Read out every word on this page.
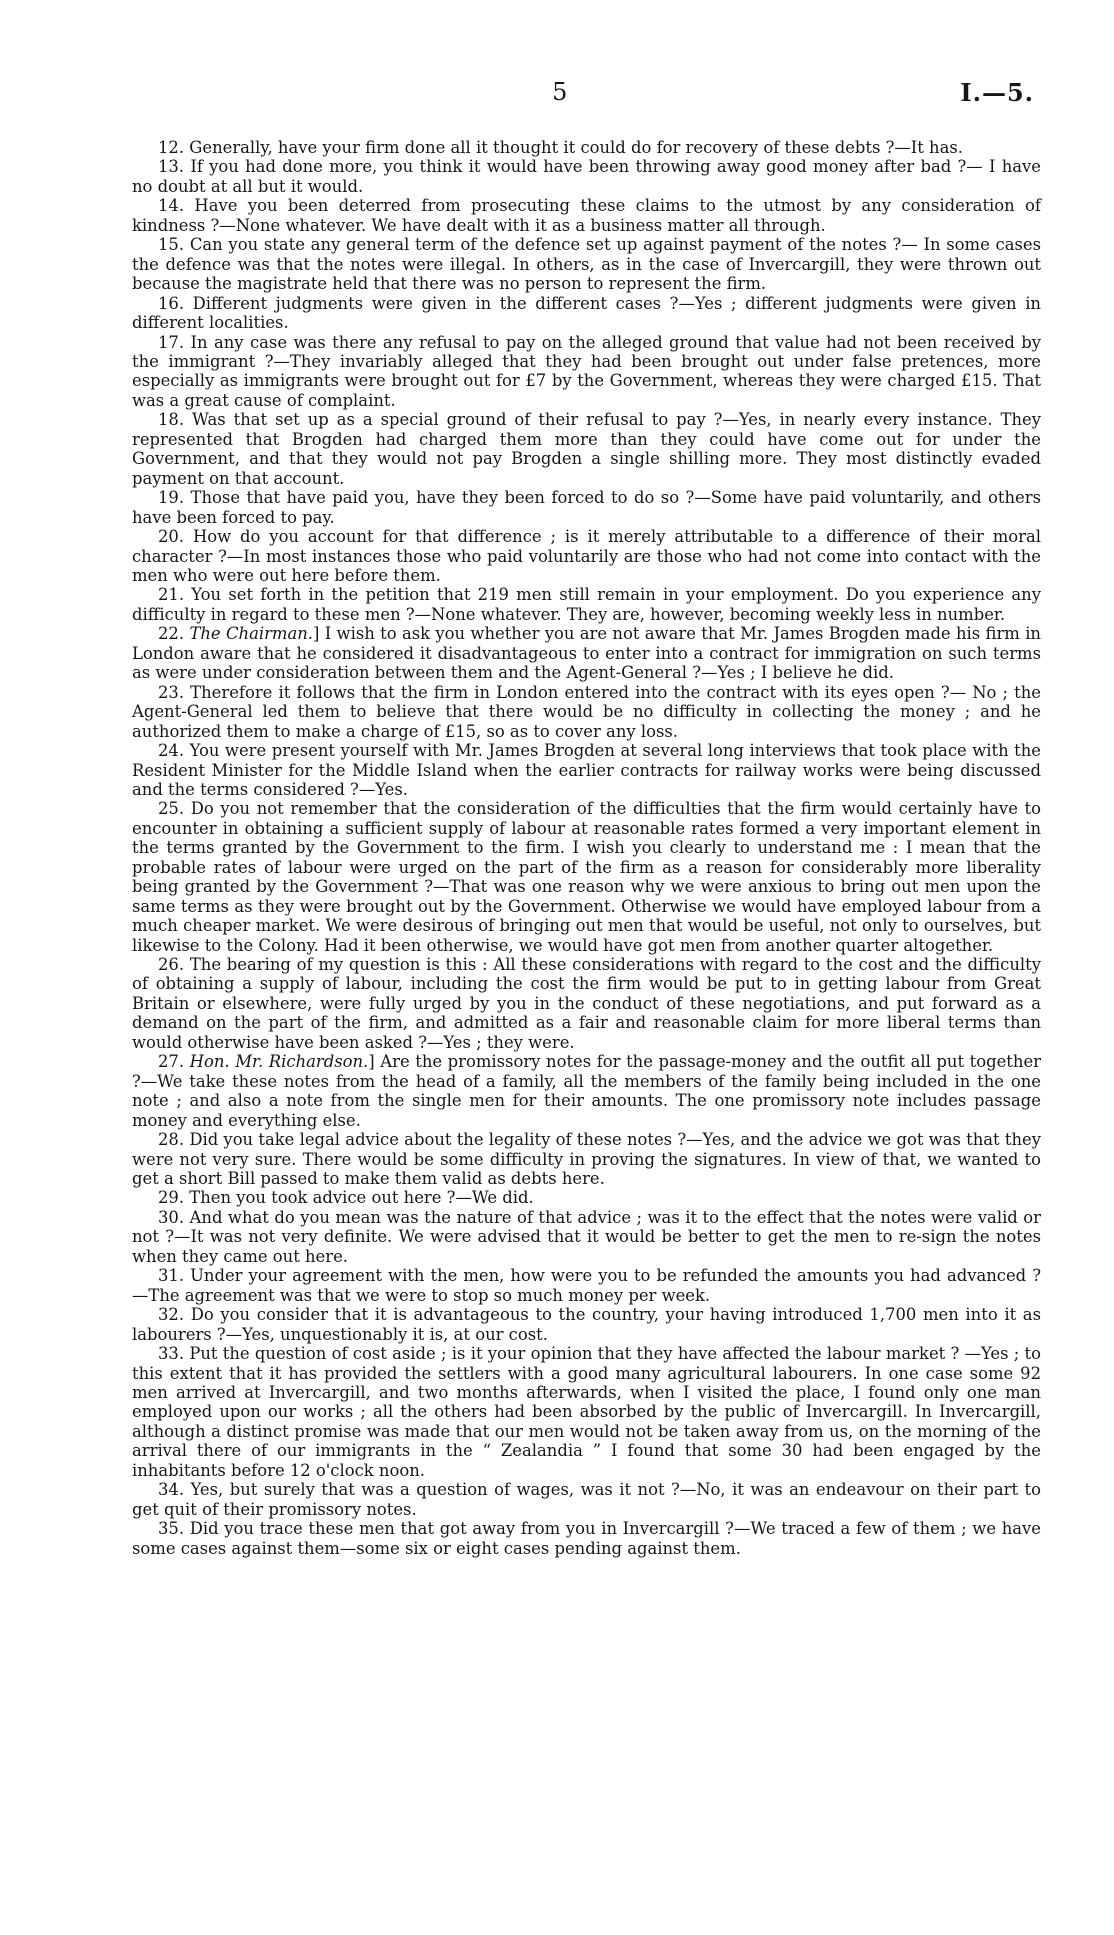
5	I.—5.

12. Generally, have your firm done all it thought it could do for recovery of these debts ?—It has.

13. If you had done more, you think it would have been throwing away good money after bad ?— I have no doubt at all but it would.

14. Have you been deterred from prosecuting these claims to the utmost by any consideration of kindness ?—None whatever. We have dealt with it as a business matter all through.

15. Can you state any general term of the defence set up against payment of the notes ?— In some cases the defence was that the notes were illegal. In others, as in the case of Invercargill, they were thrown out because the magistrate held that there was no person to represent the firm.

16. Different judgments were given in the different cases ?—Yes ; different judgments were given in different localities.

17. In any case was there any refusal to pay on the alleged ground that value had not been received by the immigrant ?—They invariably alleged that they had been brought out under false pretences, more especially as immigrants were brought out for £7 by the Government, whereas they were charged £15. That was a great cause of complaint.

18. Was that set up as a special ground of their refusal to pay ?—Yes, in nearly every instance. They represented that Brogden had charged them more than they could have come out for under the Government, and that they would not pay Brogden a single shilling more. They most distinctly evaded payment on that account.

19. Those that have paid you, have they been forced to do so ?—Some have paid voluntarily, and others have been forced to pay.

20. How do you account for that difference ; is it merely attributable to a difference of their moral character ?—In most instances those who paid voluntarily are those who had not come into contact with the men who were out here before them.

21. You set forth in the petition that 219 men still remain in your employment. Do you experience any difficulty in regard to these men ?—None whatever. They are, however, becoming weekly less in number.

22. The Chairman.] I wish to ask you whether you are not aware that Mr. James Brogden made his firm in London aware that he considered it disadvantageous to enter into a contract for immigration on such terms as were under consideration between them and the Agent-General ?—Yes ; I believe he did.

23. Therefore it follows that the firm in London entered into the contract with its eyes open ?— No ; the Agent-General led them to believe that there would be no difficulty in collecting the money ; and he authorized them to make a charge of £15, so as to cover any loss.

24. You were present yourself with Mr. James Brogden at several long interviews that took place with the Resident Minister for the Middle Island when the earlier contracts for railway works were being discussed and the terms considered ?—Yes.

25. Do you not remember that the consideration of the difficulties that the firm would certainly have to encounter in obtaining a sufficient supply of labour at reasonable rates formed a very important element in the terms granted by the Government to the firm. I wish you clearly to understand me : I mean that the probable rates of labour were urged on the part of the firm as a reason for considerably more liberality being granted by the Government ?—That was one reason why we were anxious to bring out men upon the same terms as they were brought out by the Government. Otherwise we would have employed labour from a much cheaper market. We were desirous of bringing out men that would be useful, not only to ourselves, but likewise to the Colony. Had it been otherwise, we would have got men from another quarter altogether.

26. The bearing of my question is this : All these considerations with regard to the cost and the difficulty of obtaining a supply of labour, including the cost the firm would be put to in getting labour from Great Britain or elsewhere, were fully urged by you in the conduct of these negotiations, and put forward as a demand on the part of the firm, and admitted as a fair and reasonable claim for more liberal terms than would otherwise have been asked ?—Yes ; they were.

27. Hon. Mr. Richardson.] Are the promissory notes for the passage-money and the outfit all put together ?—We take these notes from the head of a family, all the members of the family being included in the one note ; and also a note from the single men for their amounts. The one promissory note includes passage money and everything else.

28. Did you take legal advice about the legality of these notes ?—Yes, and the advice we got was that they were not very sure. There would be some difficulty in proving the signatures. In view of that, we wanted to get a short Bill passed to make them valid as debts here.

29. Then you took advice out here ?—We did.

30. And what do you mean was the nature of that advice ; was it to the effect that the notes were valid or not ?—It was not very definite. We were advised that it would be better to get the men to re-sign the notes when they came out here.

31. Under your agreement with the men, how were you to be refunded the amounts you had advanced ?—The agreement was that we were to stop so much money per week.

32. Do you consider that it is advantageous to the country, your having introduced 1,700 men into it as labourers ?—Yes, unquestionably it is, at our cost.

33. Put the question of cost aside ; is it your opinion that they have affected the labour market ? —Yes ; to this extent that it has provided the settlers with a good many agricultural labourers. In one case some 92 men arrived at Invercargill, and two months afterwards, when I visited the place, I found only one man employed upon our works ; all the others had been absorbed by the public of Invercargill. In Invercargill, although a distinct promise was made that our men would not be taken away from us, on the morning of the arrival there of our immigrants in the “ Zealandia ” I found that some 30 had been engaged by the inhabitants before 12 o'clock noon.

34. Yes, but surely that was a question of wages, was it not ?—No, it was an endeavour on their part to get quit of their promissory notes.

35. Did you trace these men that got away from you in Invercargill ?—We traced a few of them ; we have some cases against them—some six or eight cases pending against them.
